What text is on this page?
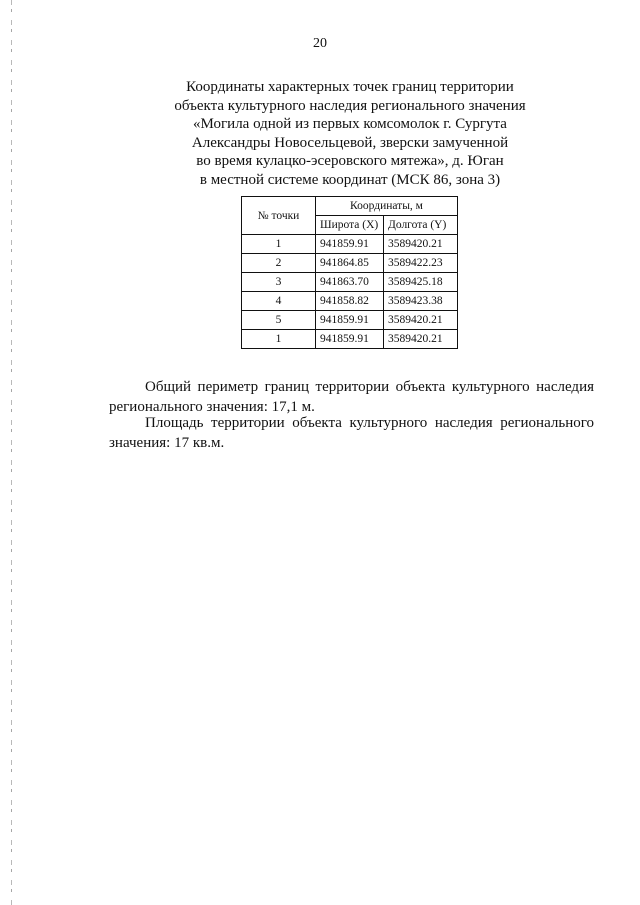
20
Координаты характерных точек границ территории
объекта культурного наследия регионального значения
«Могила одной из первых комсомолок г. Сургута
Александры Новосельцевой, зверски замученной
во время кулацко-эсеровского мятежа», д. Юган
в местной системе координат (МСК 86, зона 3)
№ точки	Координаты, м	
	Широта (X)	Долгота (Y)
1	941859.91	3589420.21
2	941864.85	3589422.23
3	941863.70	3589425.18
4	941858.82	3589423.38
5	941859.91	3589420.21
1	941859.91	3589420.21

Общий периметр границ территории объекта культурного наследия регионального значения: 17,1 м.

Площадь территории объекта культурного наследия регионального значения: 17 кв.м.
